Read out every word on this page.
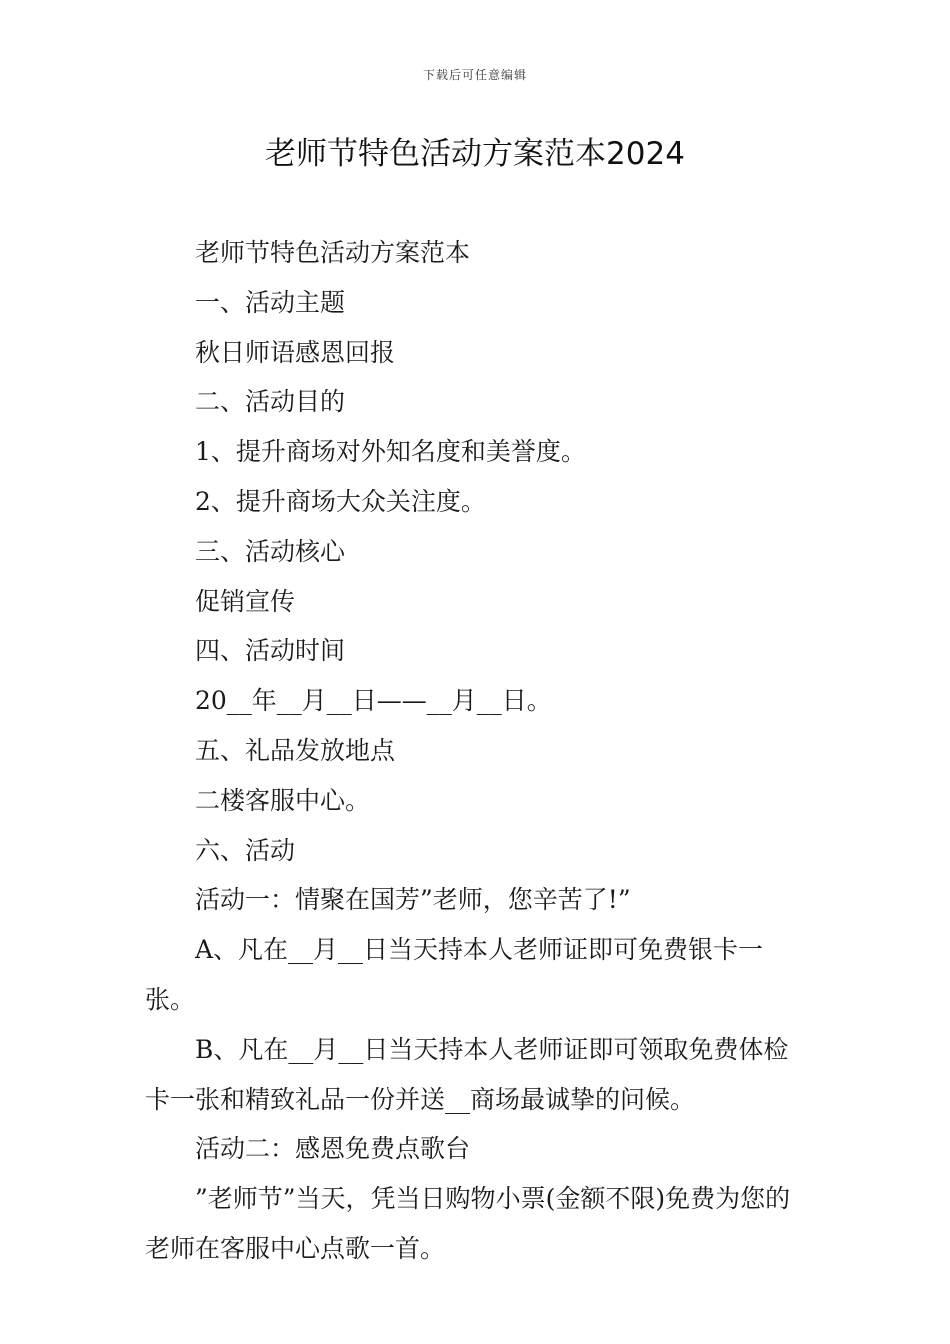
下载后可任意编辑
老师节特色活动方案范本2024

老师节特色活动方案范本

一、活动主题

秋日师语感恩回报

二、活动目的

1、提升商场对外知名度和美誉度。

2、提升商场大众关注度。

三、活动核心

促销宣传

四、活动时间

20__年__月__日——__月__日。

五、礼品发放地点

二楼客服中心。

六、活动

活动一：情聚在国芳”老师，您辛苦了!”

A、凡在__月__日当天持本人老师证即可免费银卡一张。

B、凡在__月__日当天持本人老师证即可领取免费体检卡一张和精致礼品一份并送__商场最诚挚的问候。

活动二：感恩免费点歌台

”老师节”当天，凭当日购物小票(金额不限)免费为您的老师在客服中心点歌一首。
